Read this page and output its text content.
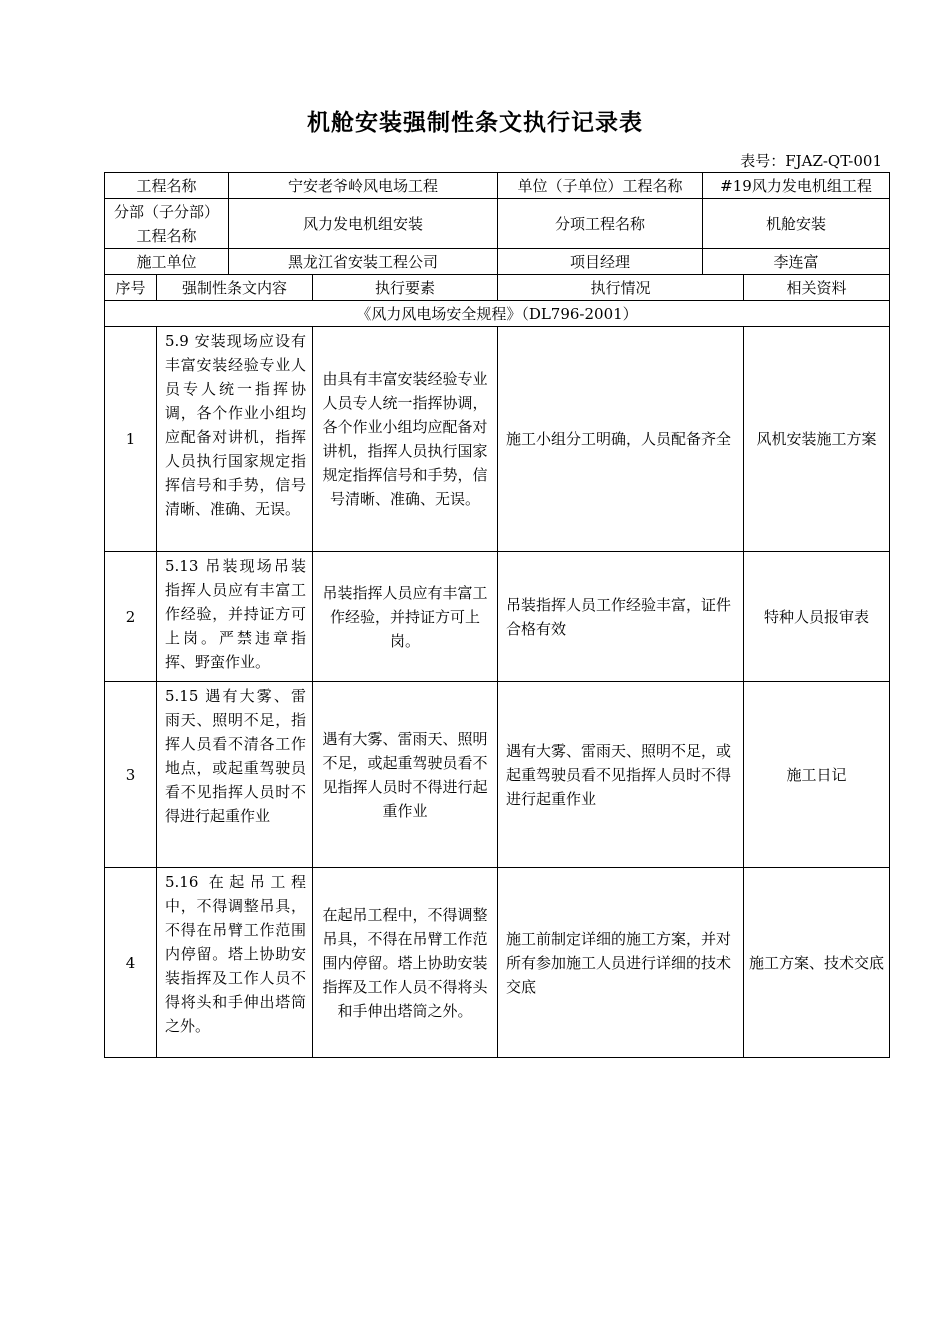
机舱安装强制性条文执行记录表
表号：FJAZ-QT-001
工程名称	宁安老爷岭风电场工程	单位（子单位）工程名称	#19风力发电机组工程
分部（子分部）工程名称	风力发电机组安装	分项工程名称	机舱安装
施工单位	黑龙江省安装工程公司	项目经理	李连富
序号	强制性条文内容	执行要素	执行情况	相关资料
《风力风电场安全规程》（DL796-2001）				
1	5.9 安装现场应设有丰富安装经验专业人员专人统一指挥协调，各个作业小组均应配备对讲机，指挥人员执行国家规定指挥信号和手势，信号清晰、准确、无误。	由具有丰富安装经验专业人员专人统一指挥协调，各个作业小组均应配备对讲机，指挥人员执行国家规定指挥信号和手势，信号清晰、准确、无误。	施工小组分工明确，人员配备齐全	风机安装施工方案
2	5.13 吊装现场吊装指挥人员应有丰富工作经验，并持证方可上岗。严禁违章指挥、野蛮作业。	吊装指挥人员应有丰富工作经验，并持证方可上岗。	吊装指挥人员工作经验丰富，证件合格有效	特种人员报审表
3	5.15 遇有大雾、雷雨天、照明不足，指挥人员看不清各工作地点，或起重驾驶员看不见指挥人员时不得进行起重作业	遇有大雾、雷雨天、照明不足，或起重驾驶员看不见指挥人员时不得进行起重作业	遇有大雾、雷雨天、照明不足，或起重驾驶员看不见指挥人员时不得进行起重作业	施工日记
4	5.16 在起吊工程中，不得调整吊具，不得在吊臂工作范围内停留。塔上协助安装指挥及工作人员不得将头和手伸出塔筒之外。	在起吊工程中，不得调整吊具，不得在吊臂工作范围内停留。塔上协助安装指挥及工作人员不得将头和手伸出塔筒之外。	施工前制定详细的施工方案，并对所有参加施工人员进行详细的技术交底	施工方案、技术交底
